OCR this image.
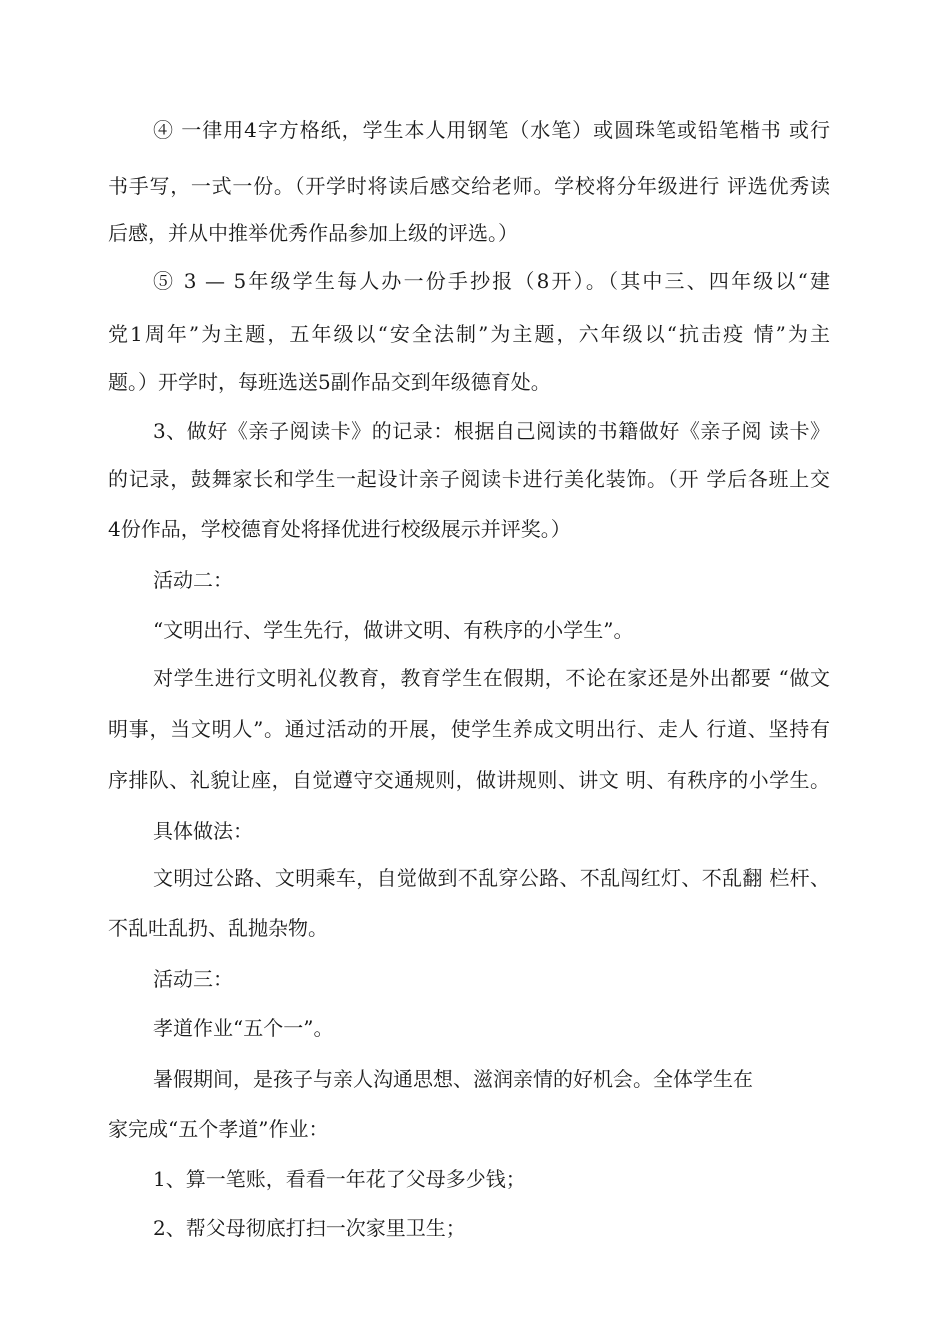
④ 一律用4字方格纸，学生本人用钢笔（水笔）或圆珠笔或铅笔楷书 或行
书手写，一式一份。（开学时将读后感交给老师。学校将分年级进行 评选优秀读
后感，并从中推举优秀作品参加上级的评选。）
⑤ 3 — 5年级学生每人办一份手抄报（8开）。（其中三、四年级以“建
党1周年”为主题，五年级以“安全法制”为主题，六年级以“抗击疫 情”为主
题。）开学时，每班选送5副作品交到年级德育处。
3、做好《亲子阅读卡》的记录：根据自己阅读的书籍做好《亲子阅 读卡》
的记录，鼓舞家长和学生一起设计亲子阅读卡进行美化装饰。（开 学后各班上交
4份作品，学校德育处将择优进行校级展示并评奖。）
活动二：
“文明出行、学生先行，做讲文明、有秩序的小学生”。
对学生进行文明礼仪教育，教育学生在假期，不论在家还是外出都要 “做文
明事，当文明人”。通过活动的开展，使学生养成文明出行、走人 行道、坚持有
序排队、礼貌让座，自觉遵守交通规则，做讲规则、讲文 明、有秩序的小学生。
具体做法：
文明过公路、文明乘车，自觉做到不乱穿公路、不乱闯红灯、不乱翻 栏杆、
不乱吐乱扔、乱抛杂物。
活动三：
孝道作业“五个一”。
暑假期间，是孩子与亲人沟通思想、滋润亲情的好机会。全体学生在
家完成“五个孝道”作业：
1、算一笔账，看看一年花了父母多少钱；
2、帮父母彻底打扫一次家里卫生；
